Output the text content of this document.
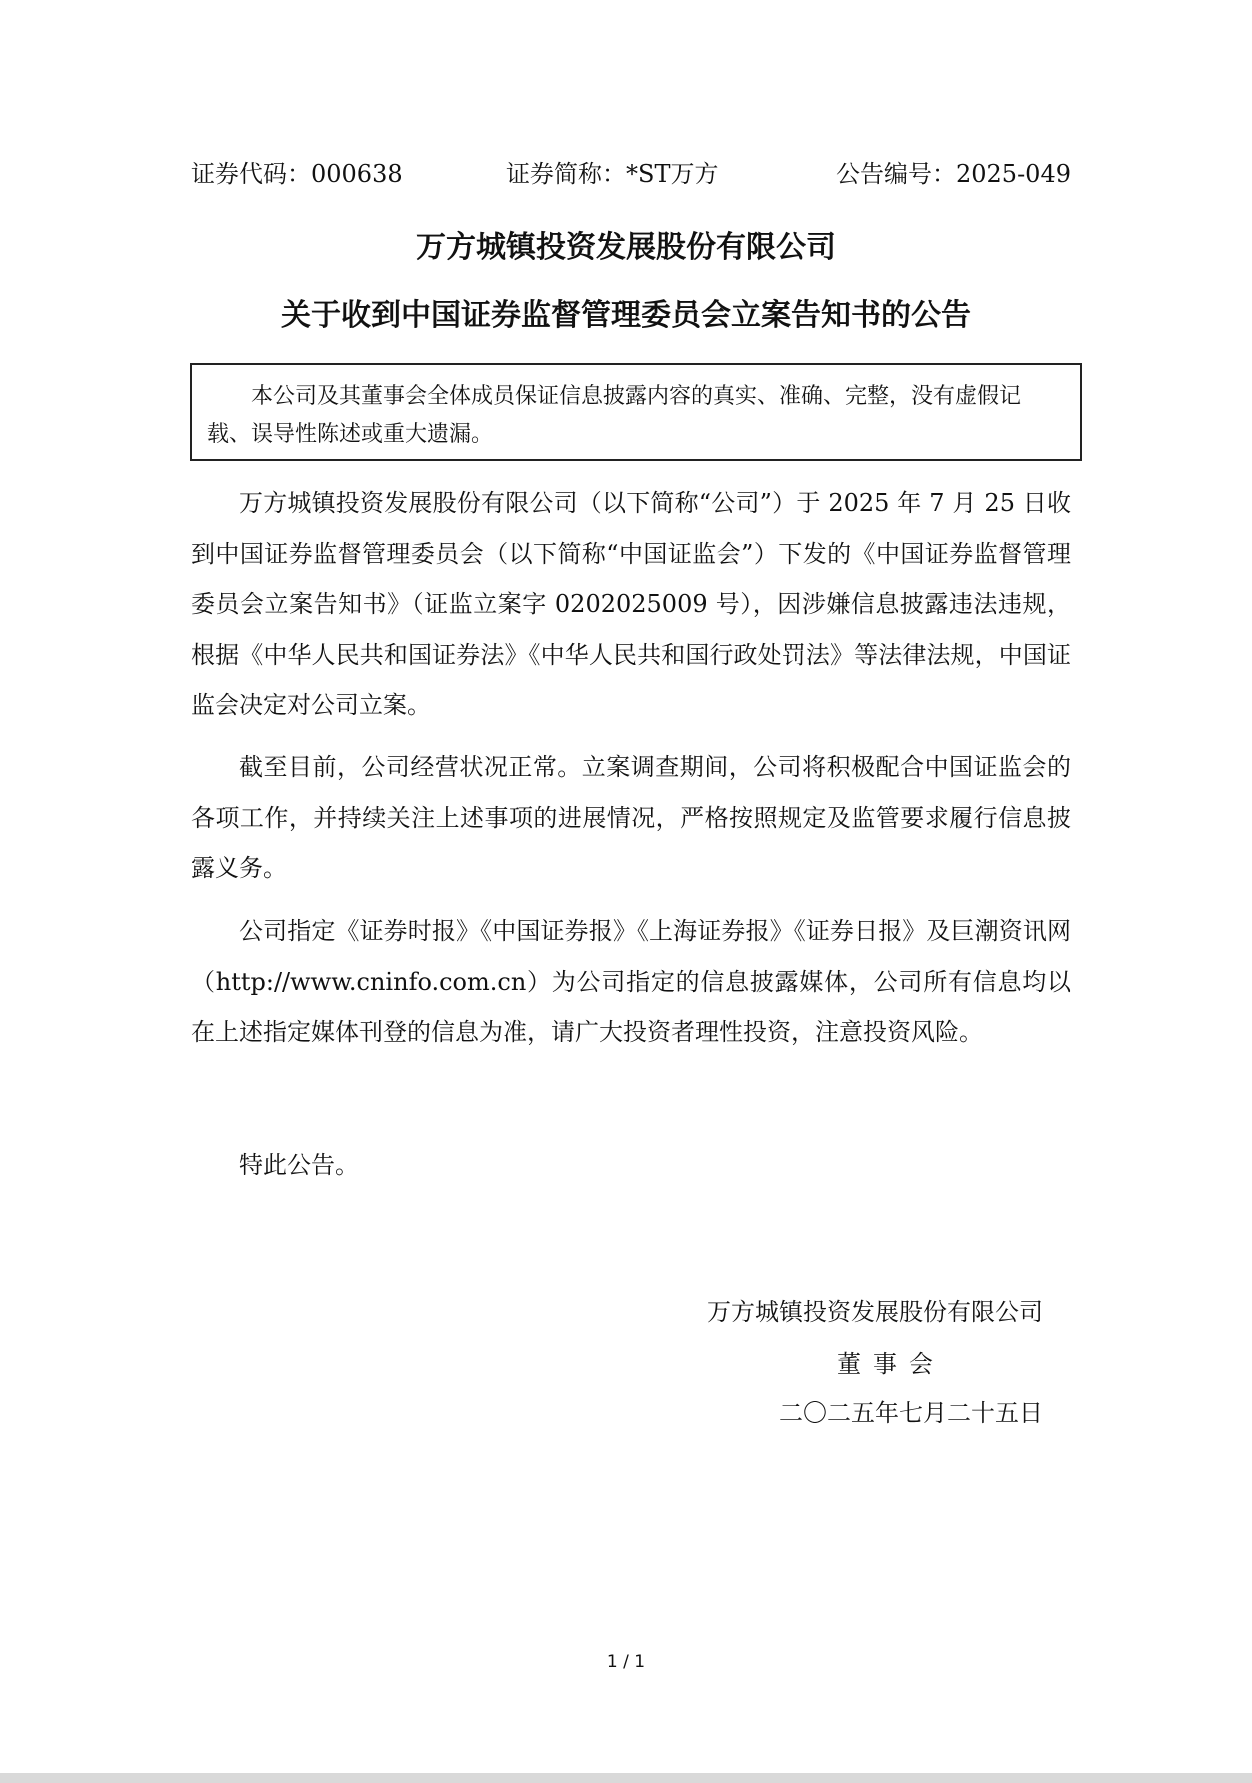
证券代码：000638	证券简称：*ST万方	公告编号：2025-049
万方城镇投资发展股份有限公司
关于收到中国证券监督管理委员会立案告知书的公告

本公司及其董事会全体成员保证信息披露内容的真实、准确、完整，没有虚假记载、误导性陈述或重大遗漏。

万方城镇投资发展股份有限公司（以下简称“公司”）于 2025 年 7 月 25 日收到中国证券监督管理委员会（以下简称“中国证监会”）下发的《中国证券监督管理委员会立案告知书》（证监立案字 0202025009 号），因涉嫌信息披露违法违规，根据《中华人民共和国证券法》《中华人民共和国行政处罚法》等法律法规，中国证监会决定对公司立案。

截至目前，公司经营状况正常。立案调查期间，公司将积极配合中国证监会的各项工作，并持续关注上述事项的进展情况，严格按照规定及监管要求履行信息披露义务。

公司指定《证券时报》《中国证券报》《上海证券报》《证券日报》及巨潮资讯网（http://www.cninfo.com.cn）为公司指定的信息披露媒体，公司所有信息均以在上述指定媒体刊登的信息为准，请广大投资者理性投资，注意投资风险。

特此公告。

万方城镇投资发展股份有限公司
董事会
二〇二五年七月二十五日
1 / 1
